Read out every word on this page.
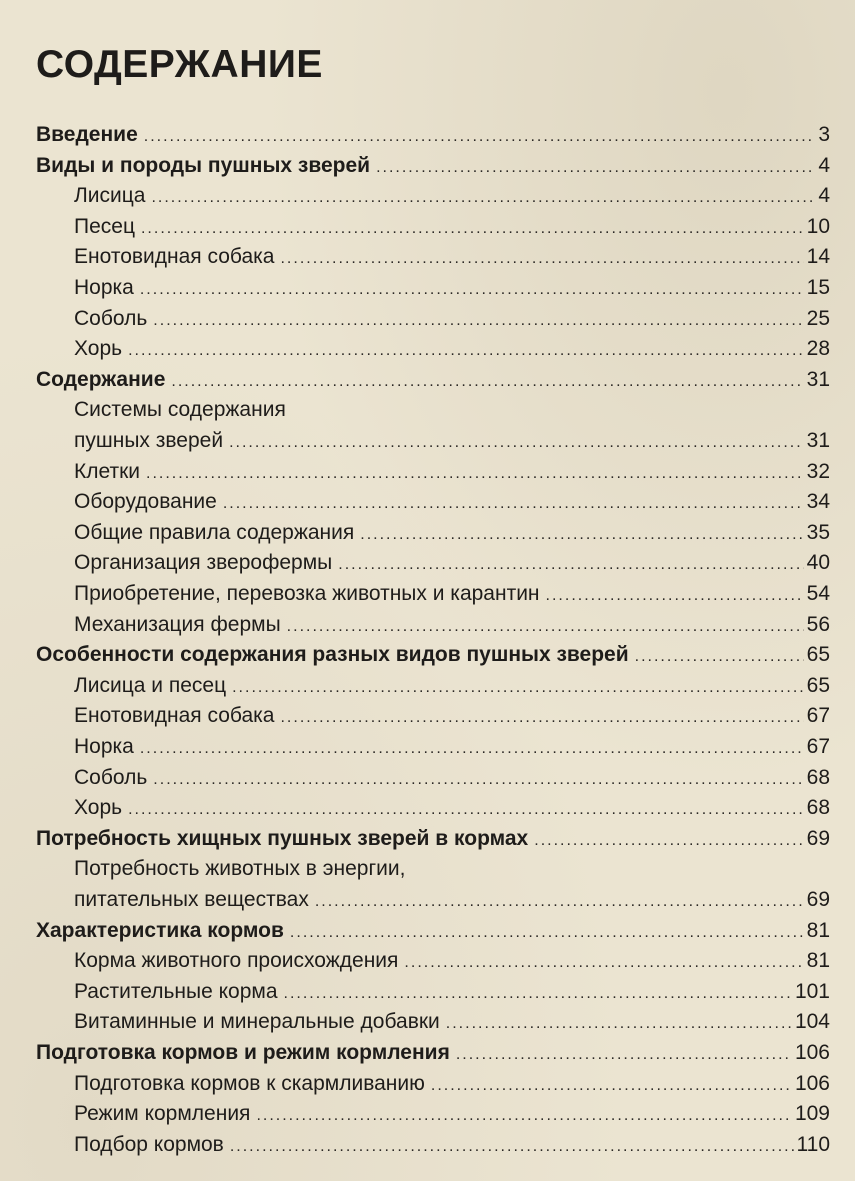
СОДЕРЖАНИЕ
Введение .....	3
Виды и породы пушных зверей .....	4
Лисица .....	4
Песец .....	10
Енотовидная собака .....	14
Норка .....	15
Соболь .....	25
Хорь .....	28
Содержание .....	31
Системы содержания
пушных зверей .....	31
Клетки .....	32
Оборудование .....	34
Общие правила содержания .....	35
Организация зверофермы .....	40
Приобретение, перевозка животных и карантин .....	54
Механизация фермы .....	56
Особенности содержания разных видов пушных зверей .....	65
Лисица и песец .....	65
Енотовидная собака .....	67
Норка .....	67
Соболь .....	68
Хорь .....	68
Потребность хищных пушных зверей в кормах .....	69
Потребность животных в энергии,
питательных веществах .....	69
Характеристика кормов .....	81
Корма животного происхождения .....	81
Растительные корма .....	101
Витаминные и минеральные добавки .....	104
Подготовка кормов и режим кормления .....	106
Подготовка кормов к скармливанию .....	106
Режим кормления .....	109
Подбор кормов .....	110
